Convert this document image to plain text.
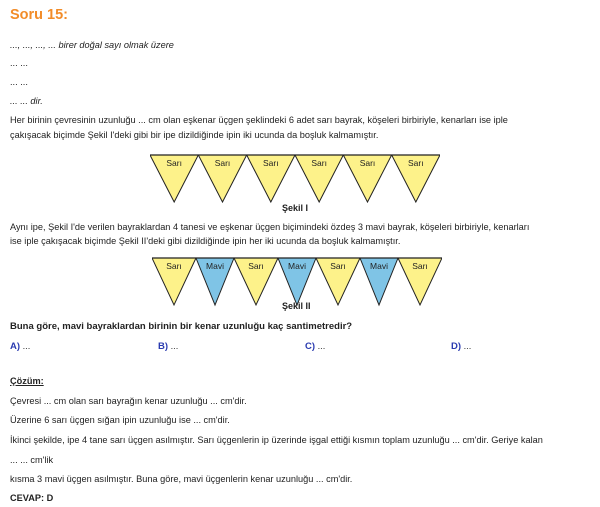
Soru 15:
..., ..., ..., ... birer doğal sayı olmak üzere
... ...
... ...
... ... dir.
Her birinin çevresinin uzunluğu ... cm olan eşkenar üçgen şeklindeki 6 adet sarı bayrak, köşeleri birbiriyle, kenarları ise iple
çakışacak biçimde Şekil I'deki gibi bir ipe dizildiğinde ipin iki ucunda da boşluk kalmamıştır.
Sarı	Sarı	Sarı	Sarı	Sarı	Sarı
Şekil I
Aynı ipe, Şekil I'de verilen bayraklardan 4 tanesi ve eşkenar üçgen biçimindeki özdeş 3 mavi bayrak, köşeleri birbiriyle, kenarları
ise iple çakışacak biçimde Şekil II'deki gibi dizildiğinde ipin her iki ucunda da boşluk kalmamıştır.
Sarı	Mavi	Sarı	Mavi	Sarı	Mavi	Sarı
Şekil II
Buna göre, mavi bayraklardan birinin bir kenar uzunluğu kaç santimetredir?
A) ...	B) ...	C) ...	D) ...
Çözüm:
Çevresi ... cm olan sarı bayrağın kenar uzunluğu ... cm'dir.
Üzerine 6 sarı üçgen sığan ipin uzunluğu ise ... cm'dir.
İkinci şekilde, ipe 4 tane sarı üçgen asılmıştır. Sarı üçgenlerin ip üzerinde işgal ettiği kısmın toplam uzunluğu ... cm'dir. Geriye kalan
... ... cm'lik
kısma 3 mavi üçgen asılmıştır. Buna göre, mavi üçgenlerin kenar uzunluğu ... cm'dir.
CEVAP: D
